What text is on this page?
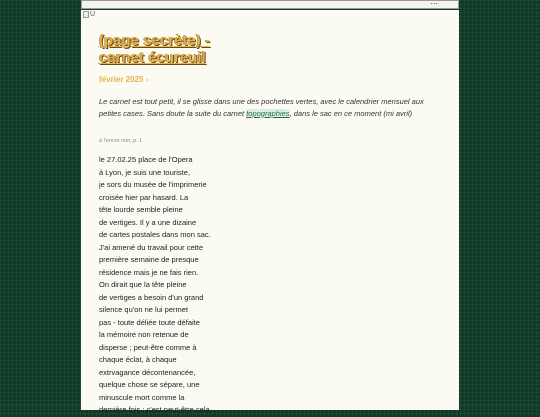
...
U
(page secrète) -
carnet écureuil
février 2025 -

Le carnet est tout petit, il se glisse dans une des pochettes vertes, avec le calendrier mensuel aux petites cases. Sans doute la suite du carnet topographies, dans le sac en ce moment (mi avril)

à l'encre noir, p. 1
le 27.02.25 place de l'Opera
à Lyon, je suis une touriste,
je sors du musée de l'imprimerie
croisée hier par hasard. La
tête lourde semble pleine
de vertiges. Il y a une dizaine
de cartes postales dans mon sac.
J'ai amené du travail pour cette
première semaine de presque
résidence mais je ne fais rien.
On dirait que la tête pleine
de vertiges a besoin d'un grand
silence qu'on ne lui permet
pas - toute déliée toute défaite
la mémoire non retenue de
disperse ; peut-être comme à
chaque éclat, à chaque
extrvagance décontenancée,
quelque chose se sépare, une
minuscule mort comme la
dernière fois : c'est peut-être cela
